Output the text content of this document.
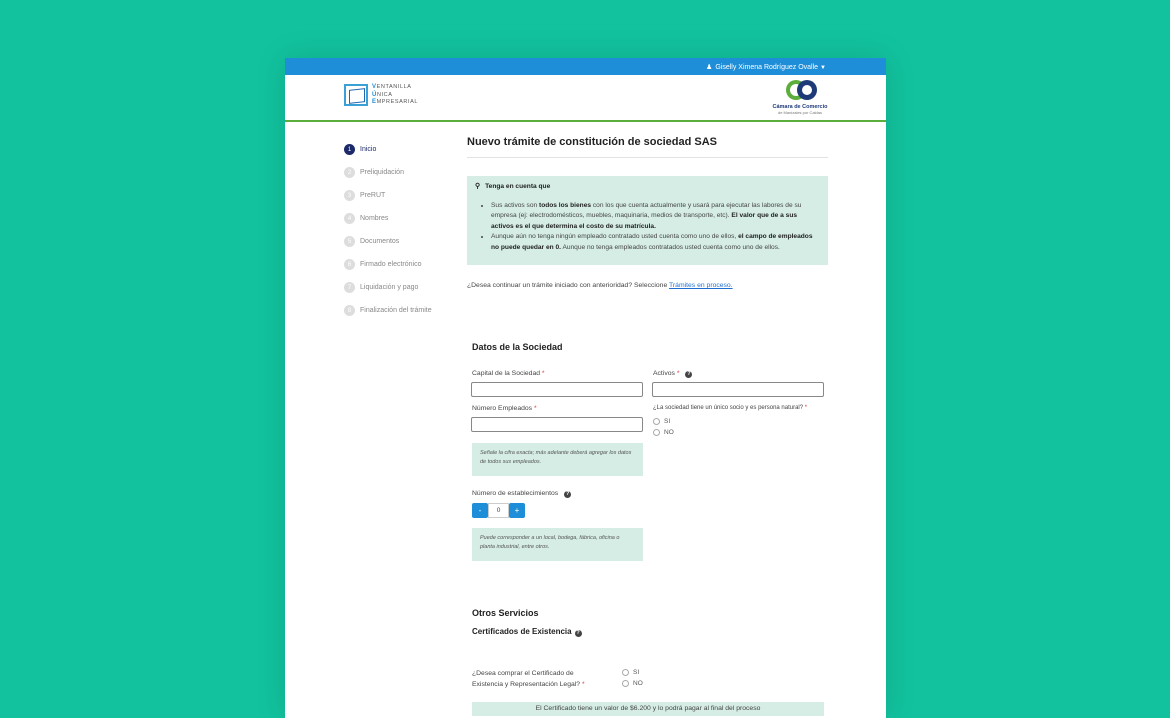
♟ Giselly Ximena Rodríguez Ovalle ▼
VENTANILLA
ÚNICA
EMPRESARIAL
Cámara de Comercio
de Manizales por Caldas
1	Inicio
2	Preliquidación
3	PreRUT
4	Nombres
5	Documentos
6	Firmado electrónico
7	Liquidación y pago
8	Finalización del trámite
Nuevo trámite de constitución de sociedad SAS
⚲ Tenga en cuenta que
• Sus activos son todos los bienes con los que cuenta actualmente y usará para ejecutar las labores de su empresa (ej: electrodomésticos, muebles, maquinaria, medios de transporte, etc). El valor que de a sus activos es el que determina el costo de su matrícula.
• Aunque aún no tenga ningún empleado contratado usted cuenta como uno de ellos, el campo de empleados no puede quedar en 0. Aunque no tenga empleados contratados usted cuenta como uno de ellos.
¿Desea continuar un trámite iniciado con anterioridad? Seleccione Trámites en proceso.
Datos de la Sociedad
Capital de la Sociedad *	Activos * ?
Número Empleados *	¿La sociedad tiene un único socio y es persona natural? *
SI
NO
Señale la cifra exacta; más adelante deberá agregar los datos de todos sus empleados.
Número de establecimientos ?
-	0	+
Puede corresponder a un local, bodega, fábrica, oficina o planta industrial, entre otros.
Otros Servicios
Certificados de Existencia ?
¿Desea comprar el Certificado de Existencia y Representación Legal? *
SI
NO
El Certificado tiene un valor de $6.200 y lo podrá pagar al final del proceso
